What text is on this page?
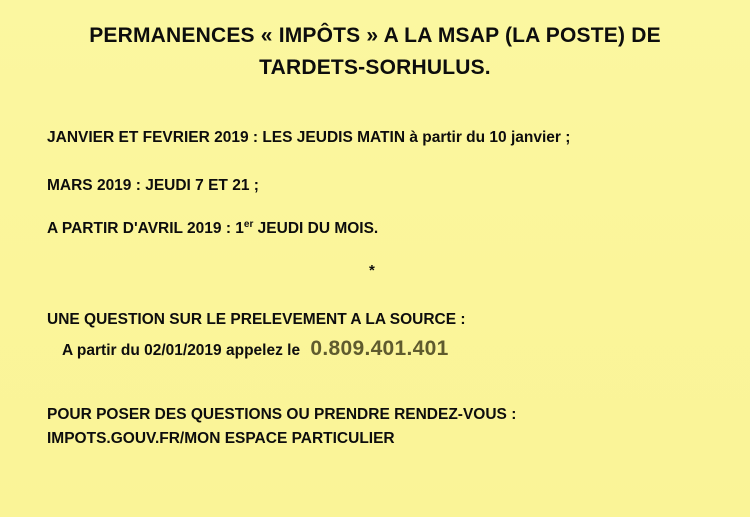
PERMANENCES « IMPÔTS » A LA MSAP (LA POSTE) DE
TARDETS-SORHULUS.
JANVIER ET FEVRIER 2019 : LES JEUDIS MATIN à partir du 10 janvier ;
MARS 2019 : JEUDI 7 ET 21 ;
A PARTIR D'AVRIL 2019 : 1er JEUDI DU MOIS.
*
UNE QUESTION SUR LE PRELEVEMENT A LA SOURCE :
A partir du 02/01/2019 appelez le 0.809.401.401
POUR POSER DES QUESTIONS OU PRENDRE RENDEZ-VOUS :
IMPOTS.GOUV.FR/MON ESPACE PARTICULIER
